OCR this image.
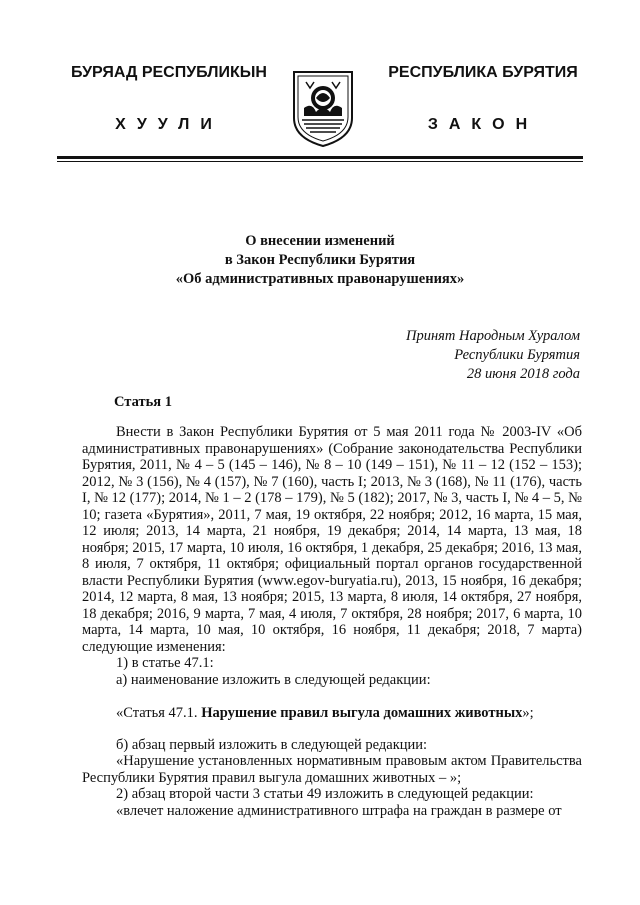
БУРЯАД РЕСПУБЛИКЫН
ХУУЛИ
РЕСПУБЛИКА БУРЯТИЯ
ЗАКОН
О внесении изменений
в Закон Республики Бурятия
«Об административных правонарушениях»
Принят Народным Хуралом
Республики Бурятия
28 июня 2018 года
Статья 1

Внести в Закон Республики Бурятия от 5 мая 2011 года № 2003-IV «Об административных правонарушениях» (Собрание законодательства Республики Бурятия, 2011, № 4 – 5 (145 – 146), № 8 – 10 (149 – 151), № 11 – 12 (152 – 153); 2012, № 3 (156), № 4 (157), № 7 (160), часть I; 2013, № 3 (168), № 11 (176), часть I, № 12 (177); 2014, № 1 – 2 (178 – 179), № 5 (182); 2017, № 3, часть I, № 4 – 5, № 10; газета «Бурятия», 2011, 7 мая, 19 октября, 22 ноября; 2012, 16 марта, 15 мая, 12 июля; 2013, 14 марта, 21 ноября, 19 декабря; 2014, 14 марта, 13 мая, 18 ноября; 2015, 17 марта, 10 июля, 16 октября, 1 декабря, 25 декабря; 2016, 13 мая, 8 июля, 7 октября, 11 октября; официальный портал органов государственной власти Республики Бурятия (www.egov-buryatia.ru), 2013, 15 ноября, 16 декабря; 2014, 12 марта, 8 мая, 13 ноября; 2015, 13 марта, 8 июля, 14 октября, 27 ноября, 18 декабря; 2016, 9 марта, 7 мая, 4 июля, 7 октября, 28 ноября; 2017, 6 марта, 10 марта, 14 марта, 10 мая, 10 октября, 16 ноября, 11 декабря; 2018, 7 марта) следующие изменения:

1) в статье 47.1:

а) наименование изложить в следующей редакции:

«Статья 47.1. Нарушение правил выгула домашних животных»;

б) абзац первый изложить в следующей редакции:

«Нарушение установленных нормативным правовым актом Правительства Республики Бурятия правил выгула домашних животных – »;

2) абзац второй части 3 статьи 49 изложить в следующей редакции:

«влечет наложение административного штрафа на граждан в размере от
